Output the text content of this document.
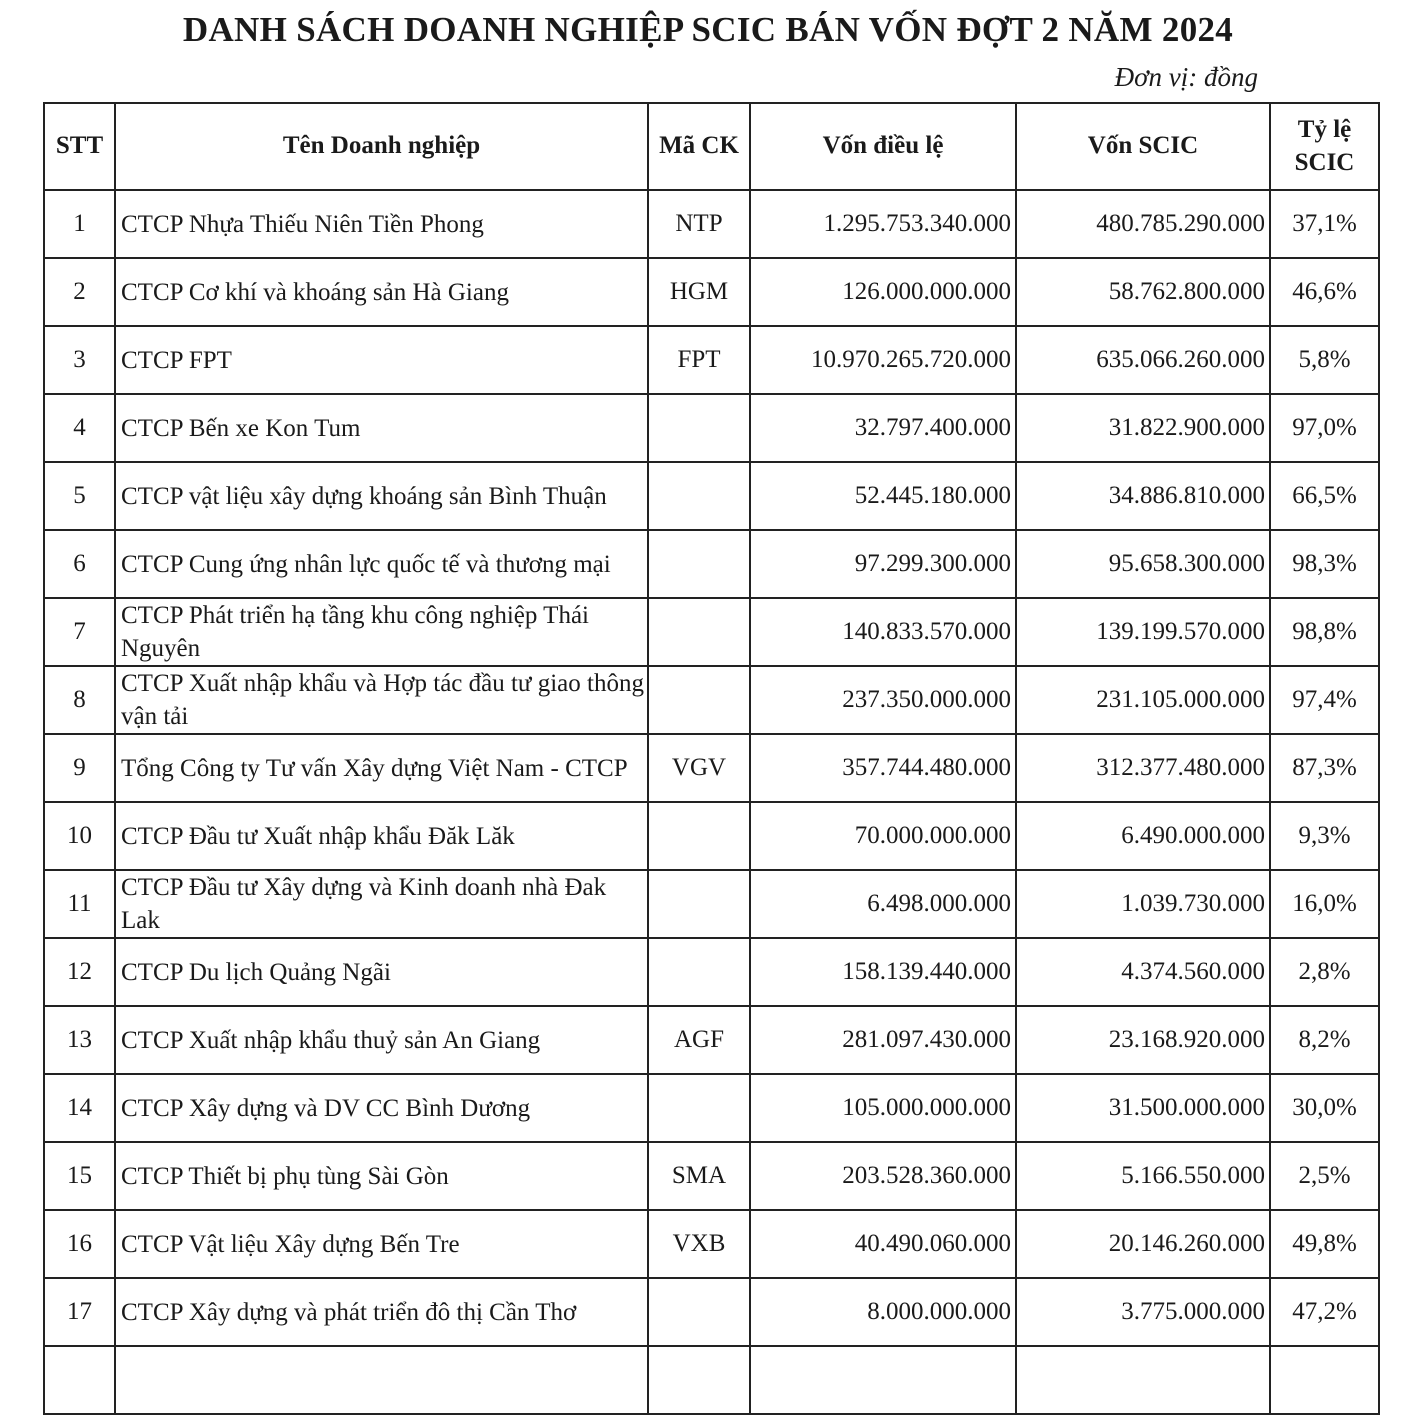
DANH SÁCH DOANH NGHIỆP SCIC BÁN VỐN ĐỢT 2 NĂM 2024
Đơn vị: đồng
STT	Tên Doanh nghiệp	Mã CK	Vốn điều lệ	Vốn SCIC	Tỷ lệ
SCIC
1	CTCP Nhựa Thiếu Niên Tiền Phong	NTP	1.295.753.340.000	480.785.290.000	37,1%
2	CTCP Cơ khí và khoáng sản Hà Giang	HGM	126.000.000.000	58.762.800.000	46,6%
3	CTCP FPT	FPT	10.970.265.720.000	635.066.260.000	5,8%
4	CTCP Bến xe Kon Tum		32.797.400.000	31.822.900.000	97,0%
5	CTCP vật liệu xây dựng khoáng sản Bình Thuận		52.445.180.000	34.886.810.000	66,5%
6	CTCP Cung ứng nhân lực quốc tế và thương mại		97.299.300.000	95.658.300.000	98,3%
7	CTCP Phát triển hạ tầng khu công nghiệp Thái Nguyên		140.833.570.000	139.199.570.000	98,8%
8	CTCP Xuất nhập khẩu và Hợp tác đầu tư giao thông vận tải		237.350.000.000	231.105.000.000	97,4%
9	Tổng Công ty Tư vấn Xây dựng Việt Nam - CTCP	VGV	357.744.480.000	312.377.480.000	87,3%
10	CTCP Đầu tư Xuất nhập khẩu Đăk Lăk		70.000.000.000	6.490.000.000	9,3%
11	CTCP Đầu tư Xây dựng và Kinh doanh nhà Đak Lak		6.498.000.000	1.039.730.000	16,0%
12	CTCP Du lịch Quảng Ngãi		158.139.440.000	4.374.560.000	2,8%
13	CTCP Xuất nhập khẩu thuỷ sản An Giang	AGF	281.097.430.000	23.168.920.000	8,2%
14	CTCP Xây dựng và DV CC Bình Dương		105.000.000.000	31.500.000.000	30,0%
15	CTCP Thiết bị phụ tùng Sài Gòn	SMA	203.528.360.000	5.166.550.000	2,5%
16	CTCP Vật liệu Xây dựng Bến Tre	VXB	40.490.060.000	20.146.260.000	49,8%
17	CTCP Xây dựng và phát triển đô thị Cần Thơ		8.000.000.000	3.775.000.000	47,2%
